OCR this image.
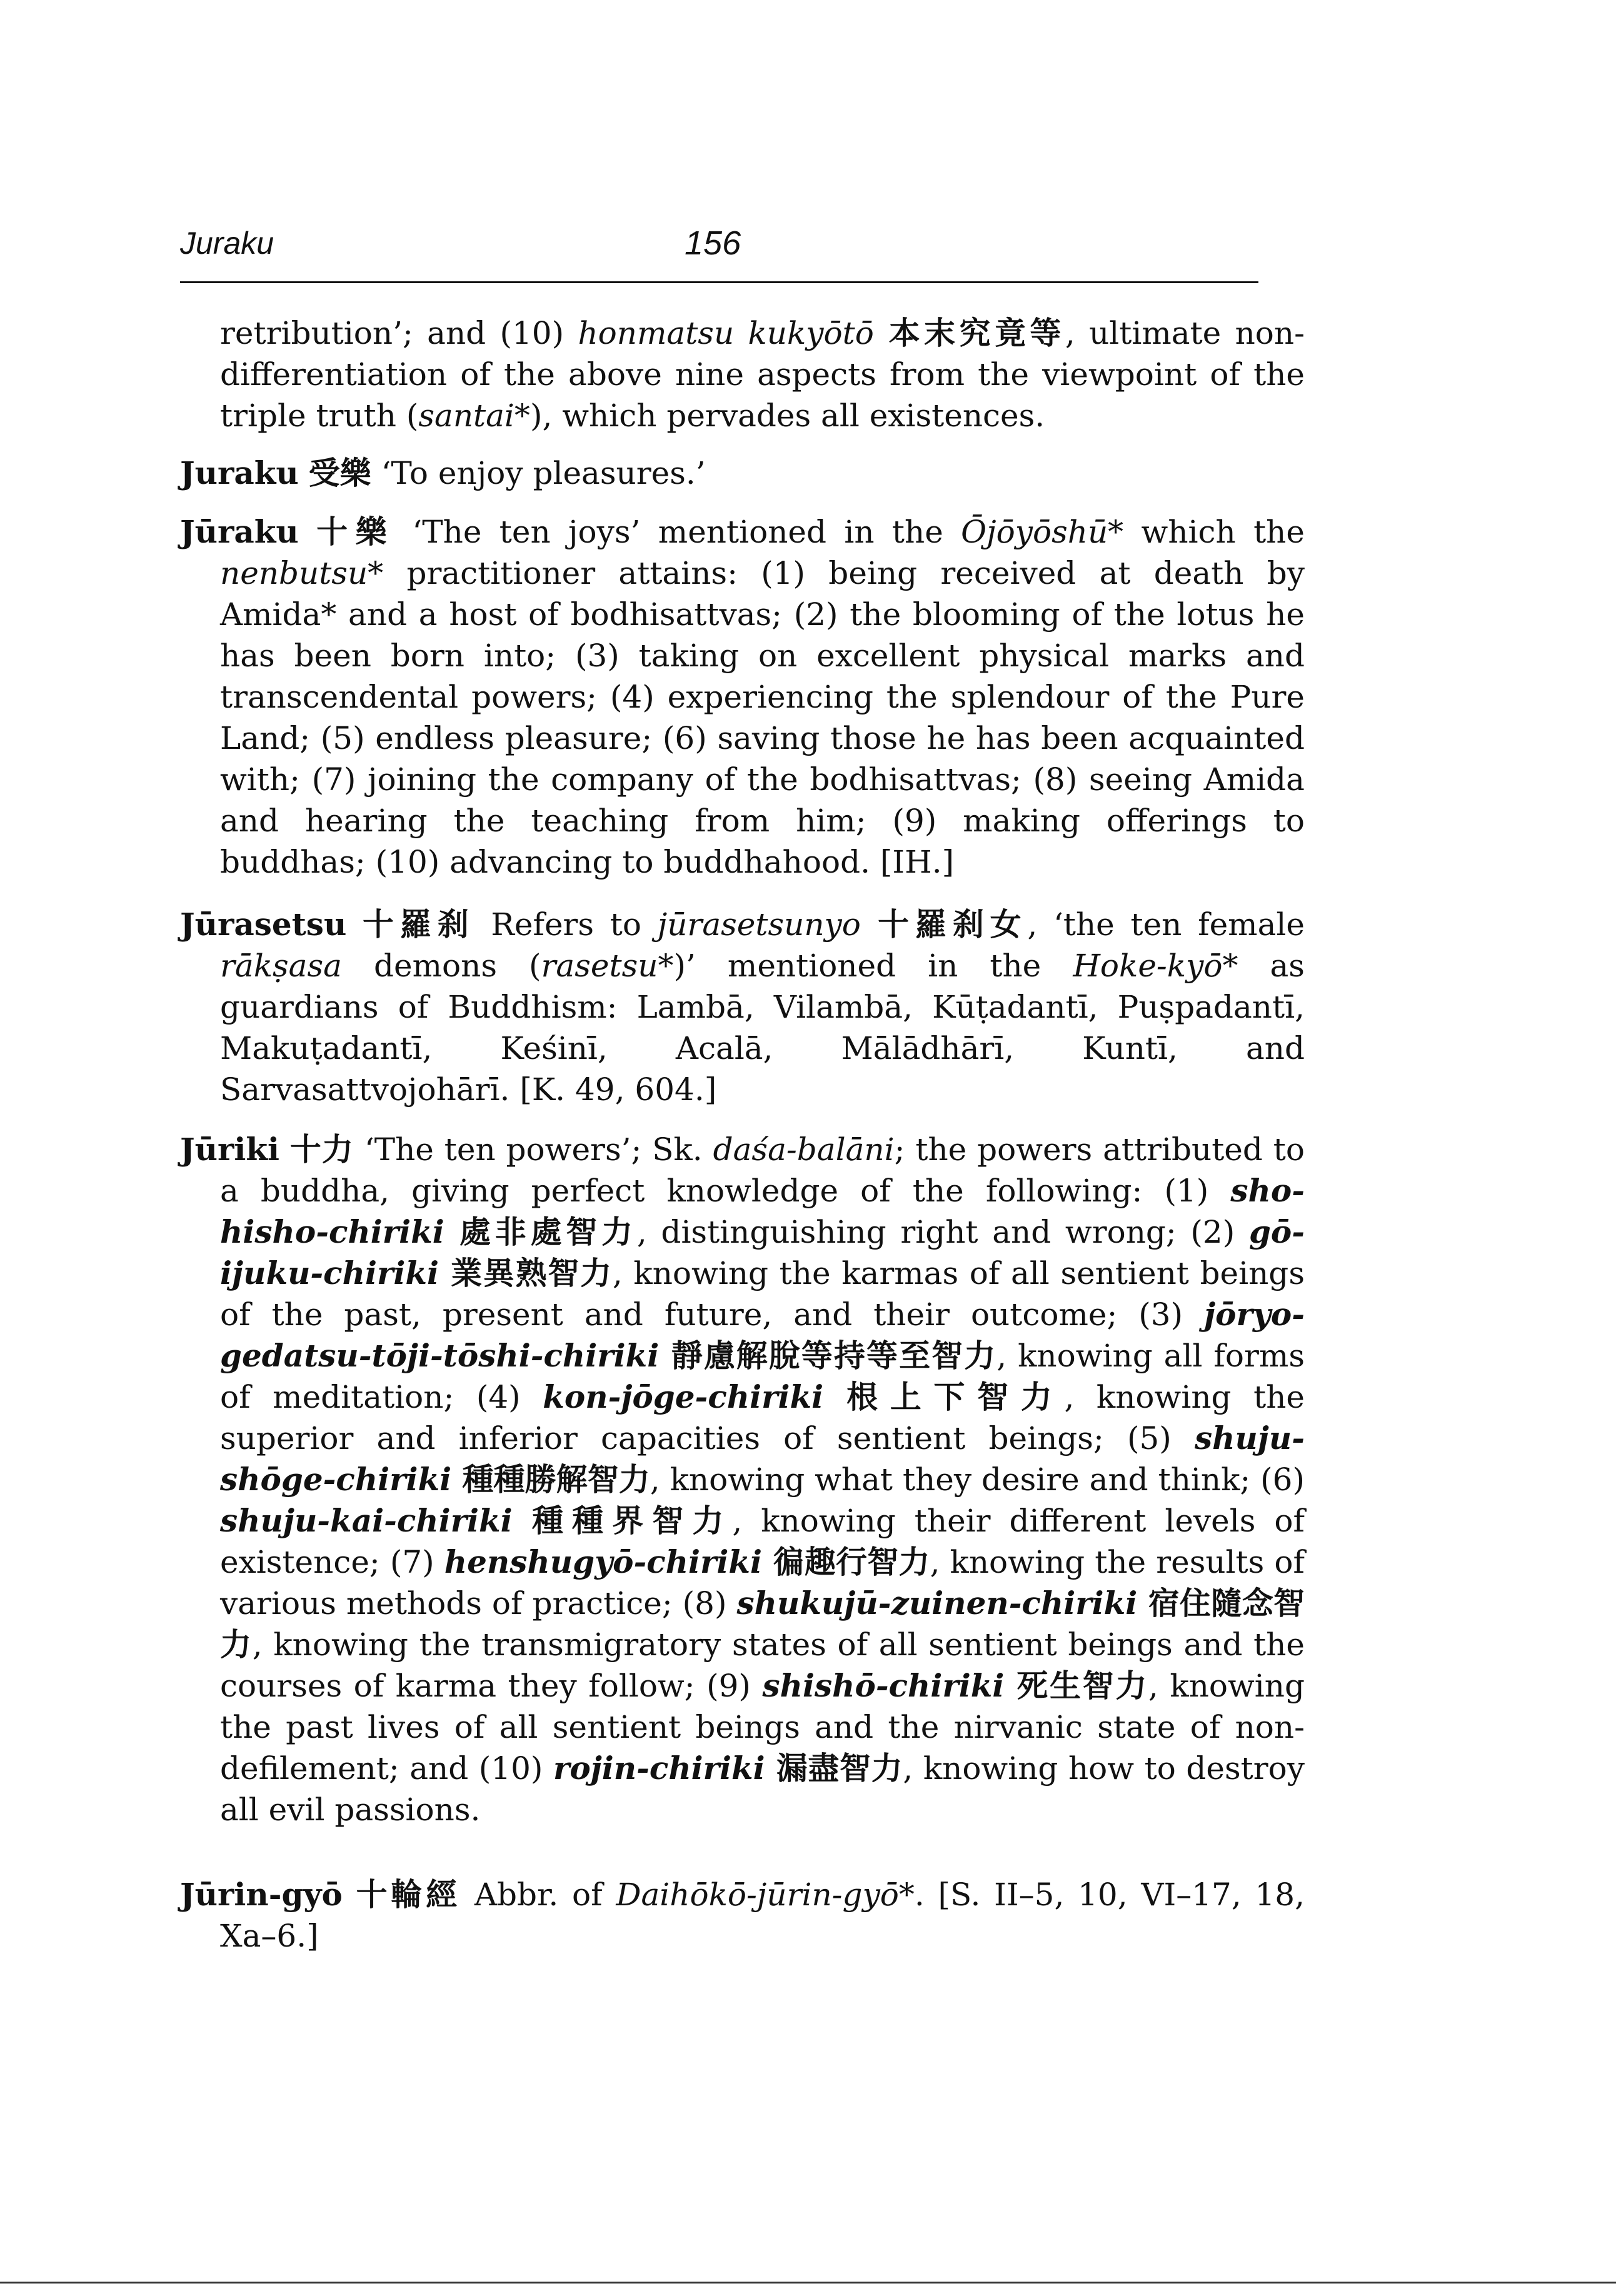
Juraku	156
retribution’; and (10) honmatsu kukyōtō 本末究竟等, ultimate non-differentiation of the above nine aspects from the viewpoint of the triple truth (santai*), which pervades all existences.
Juraku 受樂 ‘To enjoy pleasures.’
Jūraku 十樂 ‘The ten joys’ mentioned in the Ōjōyōshū* which the nenbutsu* practitioner attains: (1) being received at death by Amida* and a host of bodhisattvas; (2) the blooming of the lotus he has been born into; (3) taking on excellent physical marks and transcendental powers; (4) experiencing the splendour of the Pure Land; (5) endless pleasure; (6) saving those he has been acquainted with; (7) joining the company of the bodhisattvas; (8) seeing Amida and hearing the teaching from him; (9) making offerings to buddhas; (10) advancing to buddhahood. [IH.]
Jūrasetsu 十羅刹 Refers to jūrasetsunyo 十羅刹女, ‘the ten female rākṣasa demons (rasetsu*)’ mentioned in the Hoke-kyō* as guardians of Buddhism: Lambā, Vilambā, Kūṭadantī, Puṣpadantī, Makuṭadantī, Keśinī, Acalā, Mālādhārī, Kuntī, and Sarvasattvojohārī. [K. 49, 604.]
Jūriki 十力 ‘The ten powers’; Sk. daśa-balāni; the powers attributed to a buddha, giving perfect knowledge of the following: (1) sho-hisho-chiriki 處非處智力, distinguishing right and wrong; (2) gō-ijuku-chiriki 業異熟智力, knowing the karmas of all sentient beings of the past, present and future, and their outcome; (3) jōryo-gedatsu-tōji-tōshi-chiriki 靜慮解脫等持等至智力, knowing all forms of meditation; (4) kon-jōge-chiriki 根上下智力, knowing the superior and inferior capacities of sentient beings; (5) shuju-shōge-chiriki 種種勝解智力, knowing what they desire and think; (6) shuju-kai-chiriki 種種界智力, knowing their different levels of existence; (7) henshugyō-chiriki 徧趣行智力, knowing the results of various methods of practice; (8) shukujū-zuinen-chiriki 宿住隨念智力, knowing the transmigratory states of all sentient beings and the courses of karma they follow; (9) shishō-chiriki 死生智力, knowing the past lives of all sentient beings and the nirvanic state of non-defilement; and (10) rojin-chiriki 漏盡智力, knowing how to destroy all evil passions.
Jūrin-gyō 十輪經 Abbr. of Daihōkō-jūrin-gyō*. [S. II–5, 10, VI–17, 18, Xa–6.]
